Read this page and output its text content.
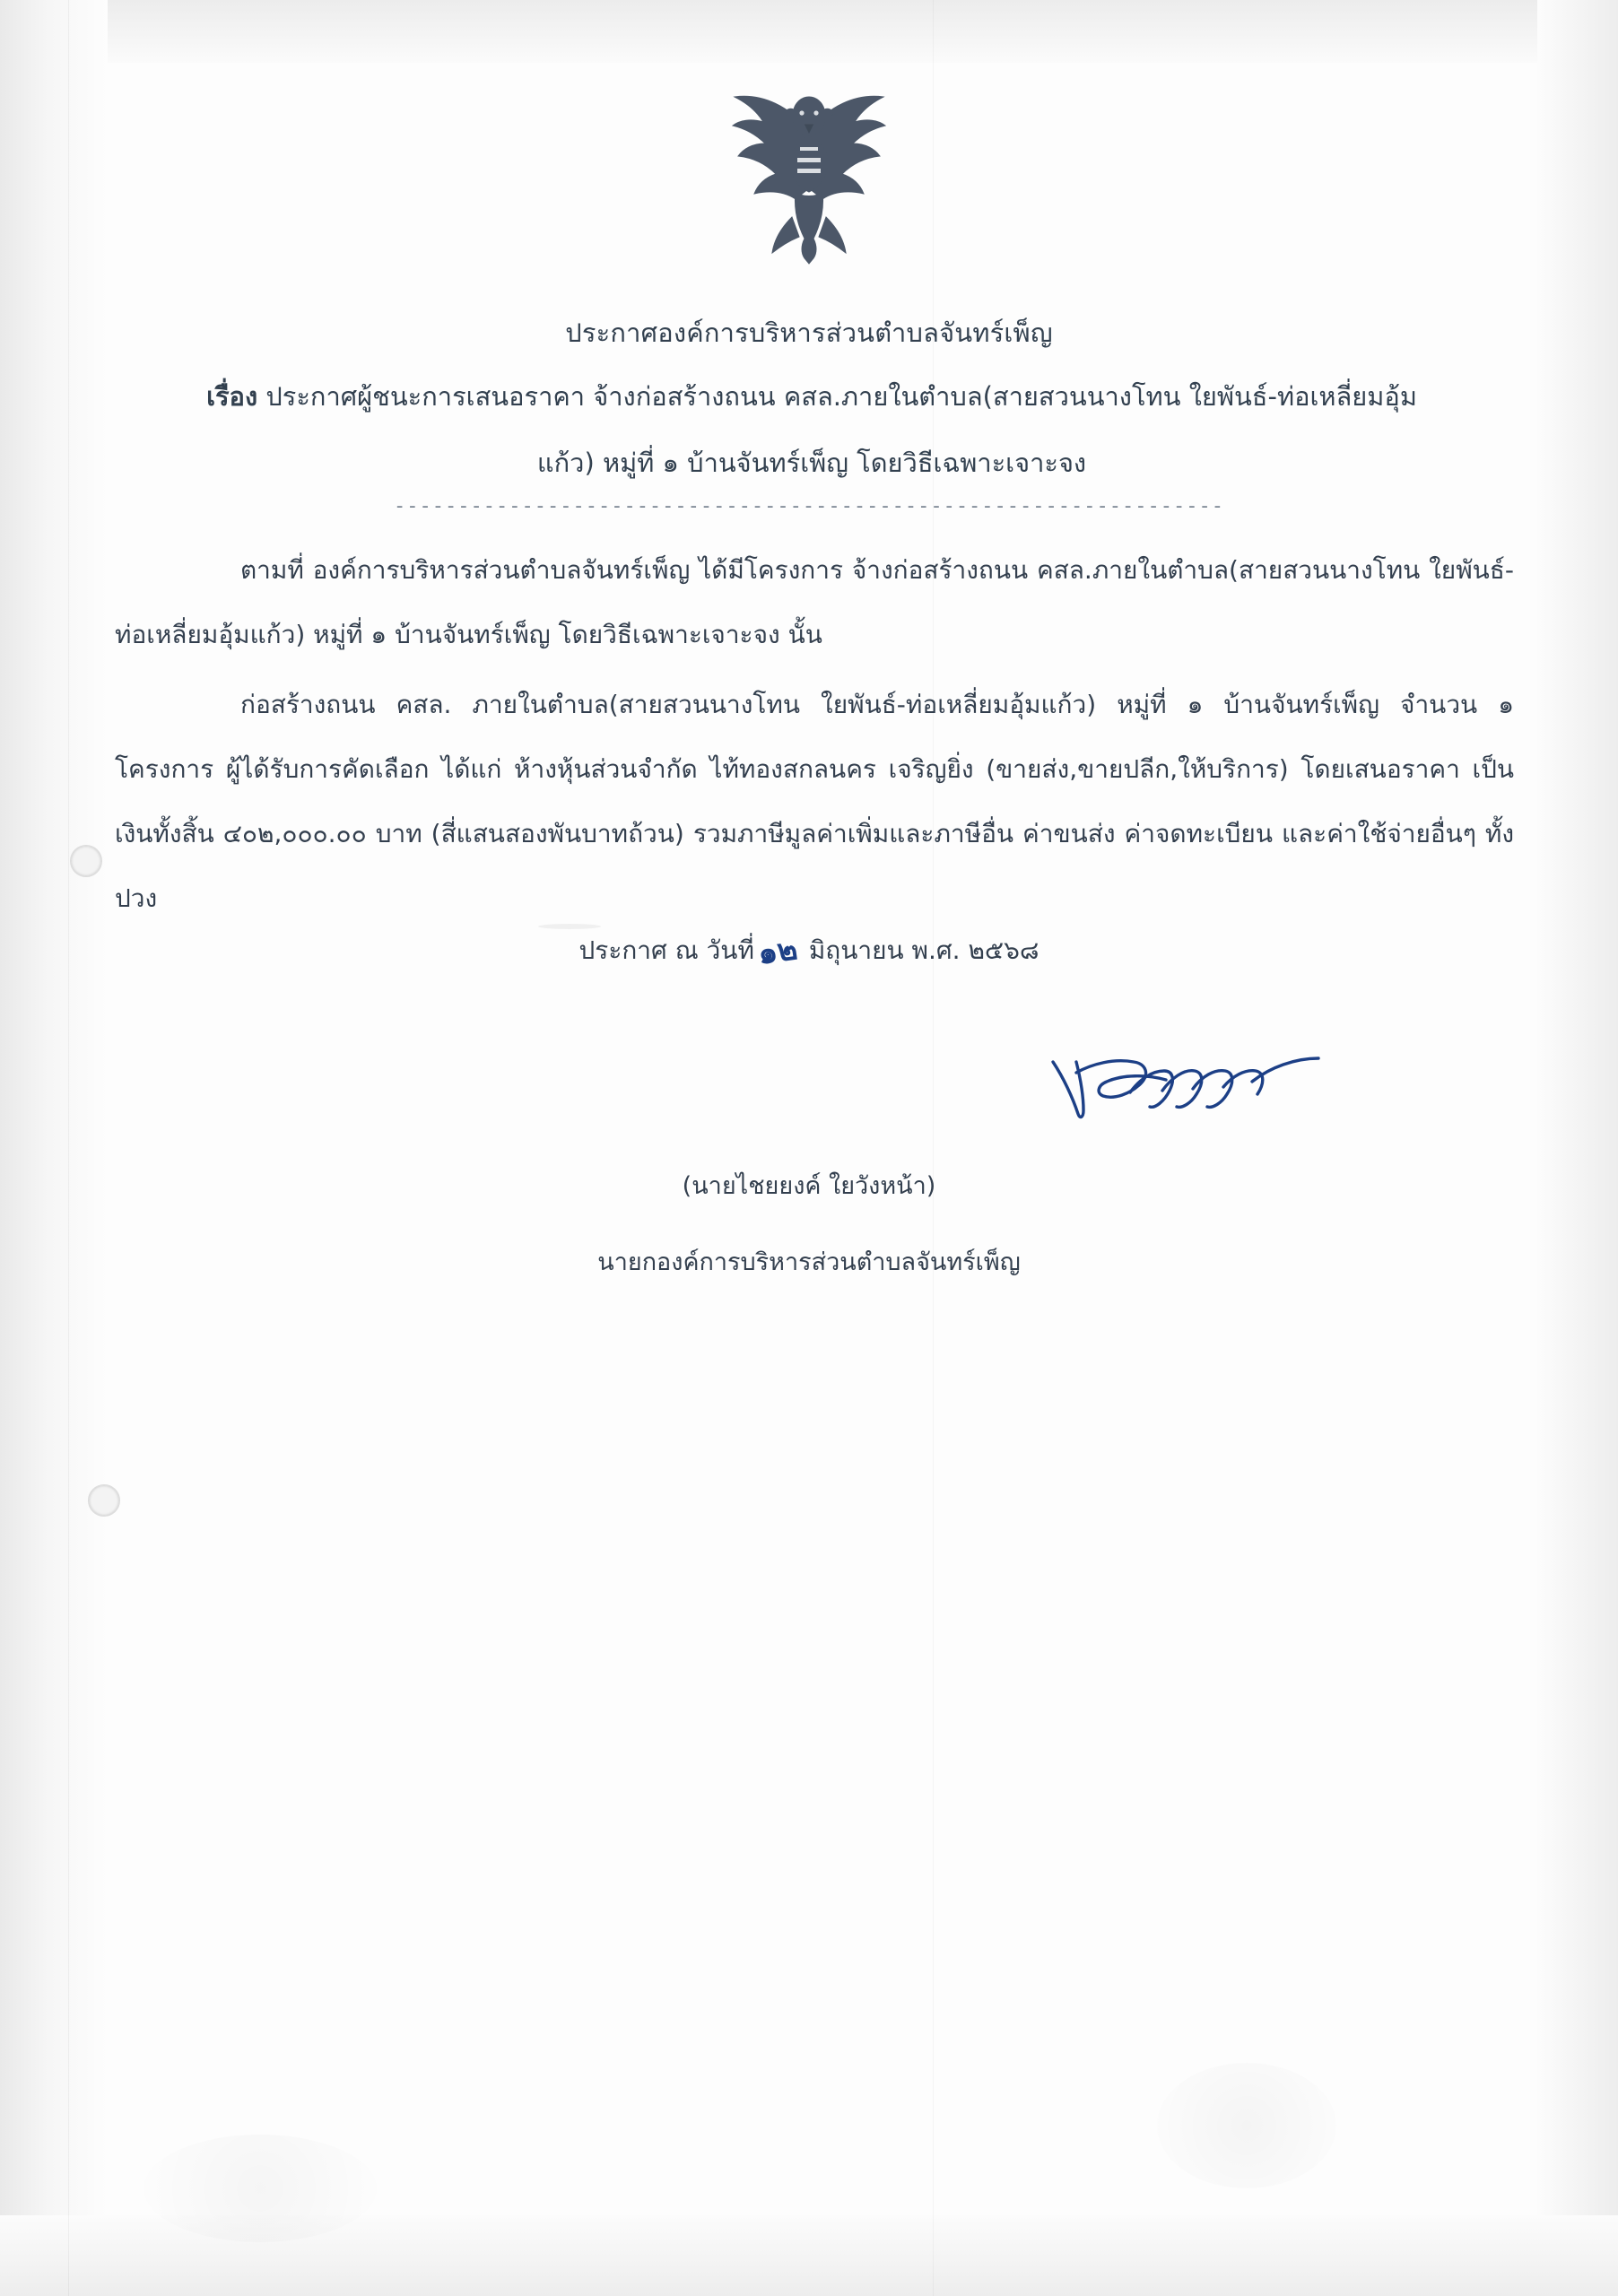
ประกาศองค์การบริหารส่วนตำบลจันทร์เพ็ญ
เรื่อง ประกาศผู้ชนะการเสนอราคา จ้างก่อสร้างถนน คสล.ภายในตำบล(สายสวนนางโทน ใยพันธ์-ท่อเหลี่ยมอุ้มแก้ว) หมู่ที่ ๑ บ้านจันทร์เพ็ญ โดยวิธีเฉพาะเจาะจง
-----------------------------------------------------------------
ตามที่ องค์การบริหารส่วนตำบลจันทร์เพ็ญ ได้มีโครงการ จ้างก่อสร้างถนน คสล.ภายในตำบล(สายสวนนางโทน ใยพันธ์-ท่อเหลี่ยมอุ้มแก้ว) หมู่ที่ ๑ บ้านจันทร์เพ็ญ โดยวิธีเฉพาะเจาะจง นั้น
ก่อสร้างถนน คสล. ภายในตำบล(สายสวนนางโทน ใยพันธ์-ท่อเหลี่ยมอุ้มแก้ว) หมู่ที่ ๑ บ้านจันทร์เพ็ญ จำนวน ๑ โครงการ ผู้ได้รับการคัดเลือก ได้แก่ ห้างหุ้นส่วนจำกัด ไท้ทองสกลนคร เจริญยิ่ง (ขายส่ง,ขายปลีก,ให้บริการ) โดยเสนอราคา เป็นเงินทั้งสิ้น ๔๐๒,๐๐๐.๐๐ บาท (สี่แสนสองพันบาทถ้วน) รวมภาษีมูลค่าเพิ่มและภาษีอื่น ค่าขนส่ง ค่าจดทะเบียน และค่าใช้จ่ายอื่นๆ ทั้งปวง
ประกาศ ณ วันที่๑๒ มิถุนายน พ.ศ. ๒๕๖๘
(นายไชยยงค์ ใยวังหน้า)
นายกองค์การบริหารส่วนตำบลจันทร์เพ็ญ
